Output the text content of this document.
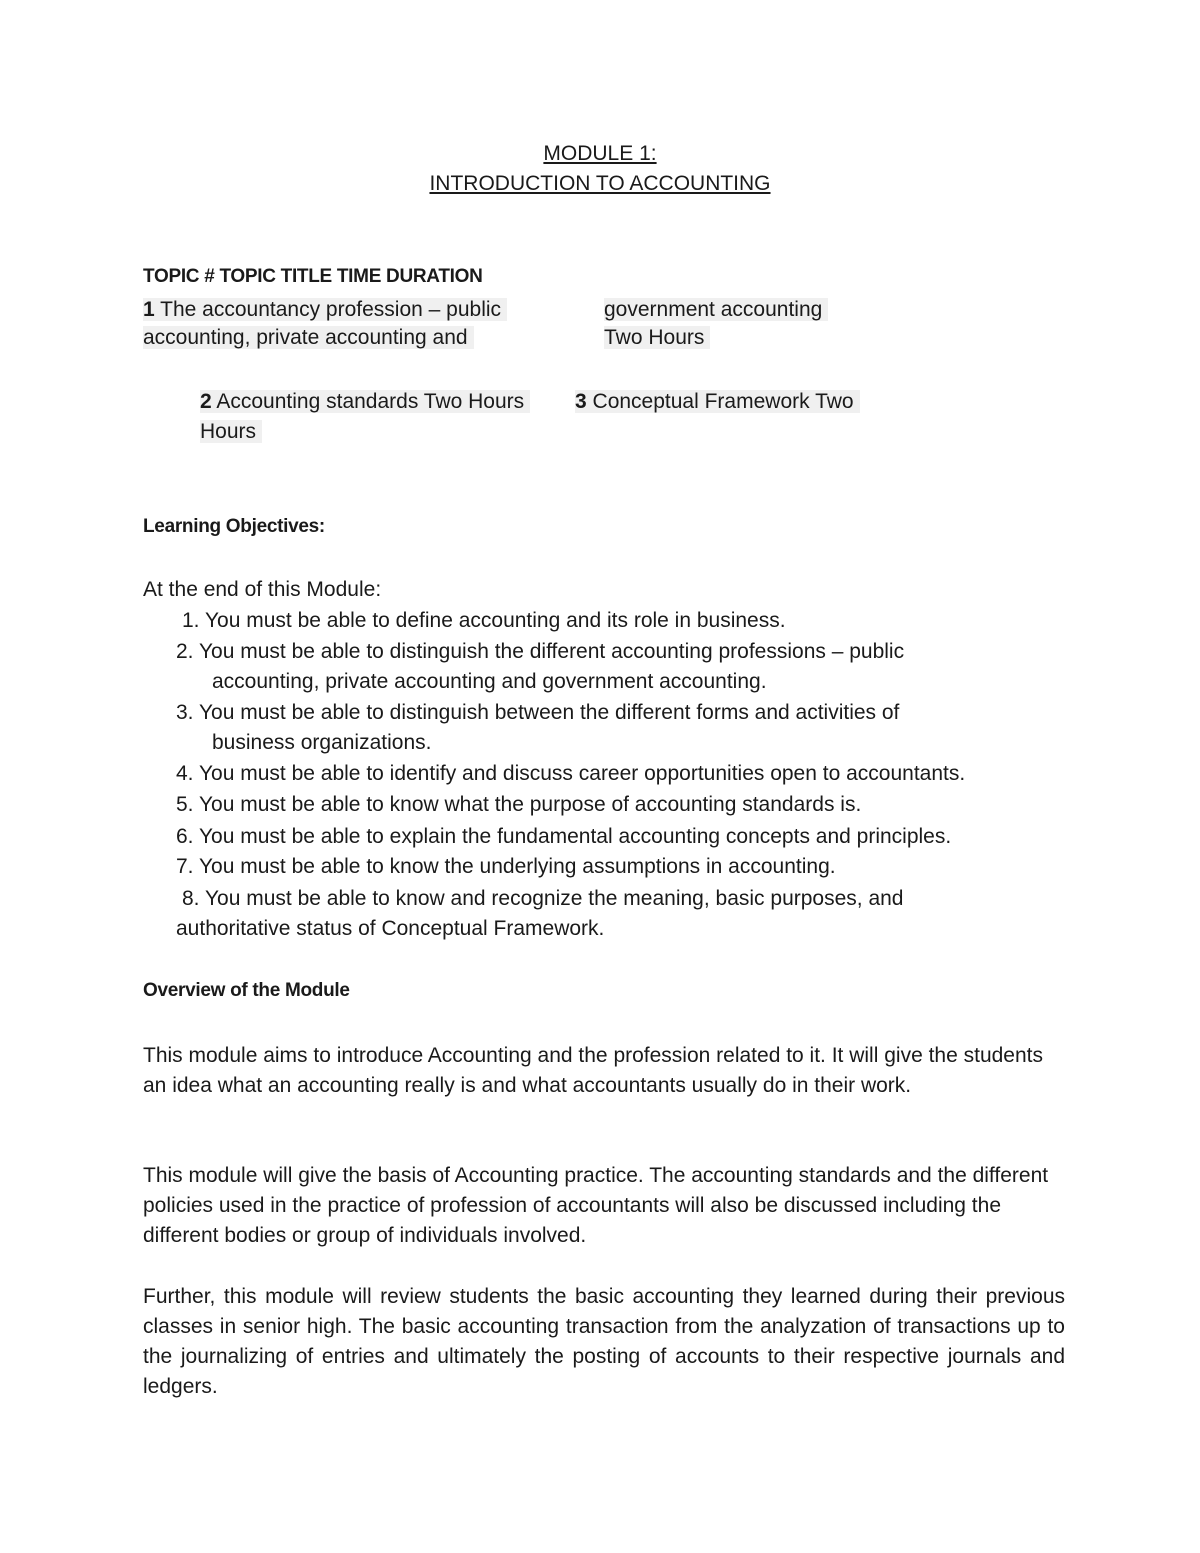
MODULE 1:
INTRODUCTION TO ACCOUNTING
TOPIC # TOPIC TITLE TIME DURATION
1 The accountancy profession – public
accounting, private accounting and
government accounting
Two Hours
2 Accounting standards Two Hours 3 Conceptual Framework Two
Hours
Learning Objectives:
At the end of this Module:
1. You must be able to define accounting and its role in business.
2. You must be able to distinguish the different accounting professions – public
accounting, private accounting and government accounting.
3. You must be able to distinguish between the different forms and activities of
business organizations.
4. You must be able to identify and discuss career opportunities open to accountants.
5. You must be able to know what the purpose of accounting standards is.
6. You must be able to explain the fundamental accounting concepts and principles.
7. You must be able to know the underlying assumptions in accounting.
8. You must be able to know and recognize the meaning, basic purposes, and
authoritative status of Conceptual Framework.
Overview of the Module
This module aims to introduce Accounting and the profession related to it. It will give the students an idea what an accounting really is and what accountants usually do in their work.
This module will give the basis of Accounting practice. The accounting standards and the different policies used in the practice of profession of accountants will also be discussed including the different bodies or group of individuals involved.
Further, this module will review students the basic accounting they learned during their previous classes in senior high. The basic accounting transaction from the analyzation of transactions up to the journalizing of entries and ultimately the posting of accounts to their respective journals and ledgers.
